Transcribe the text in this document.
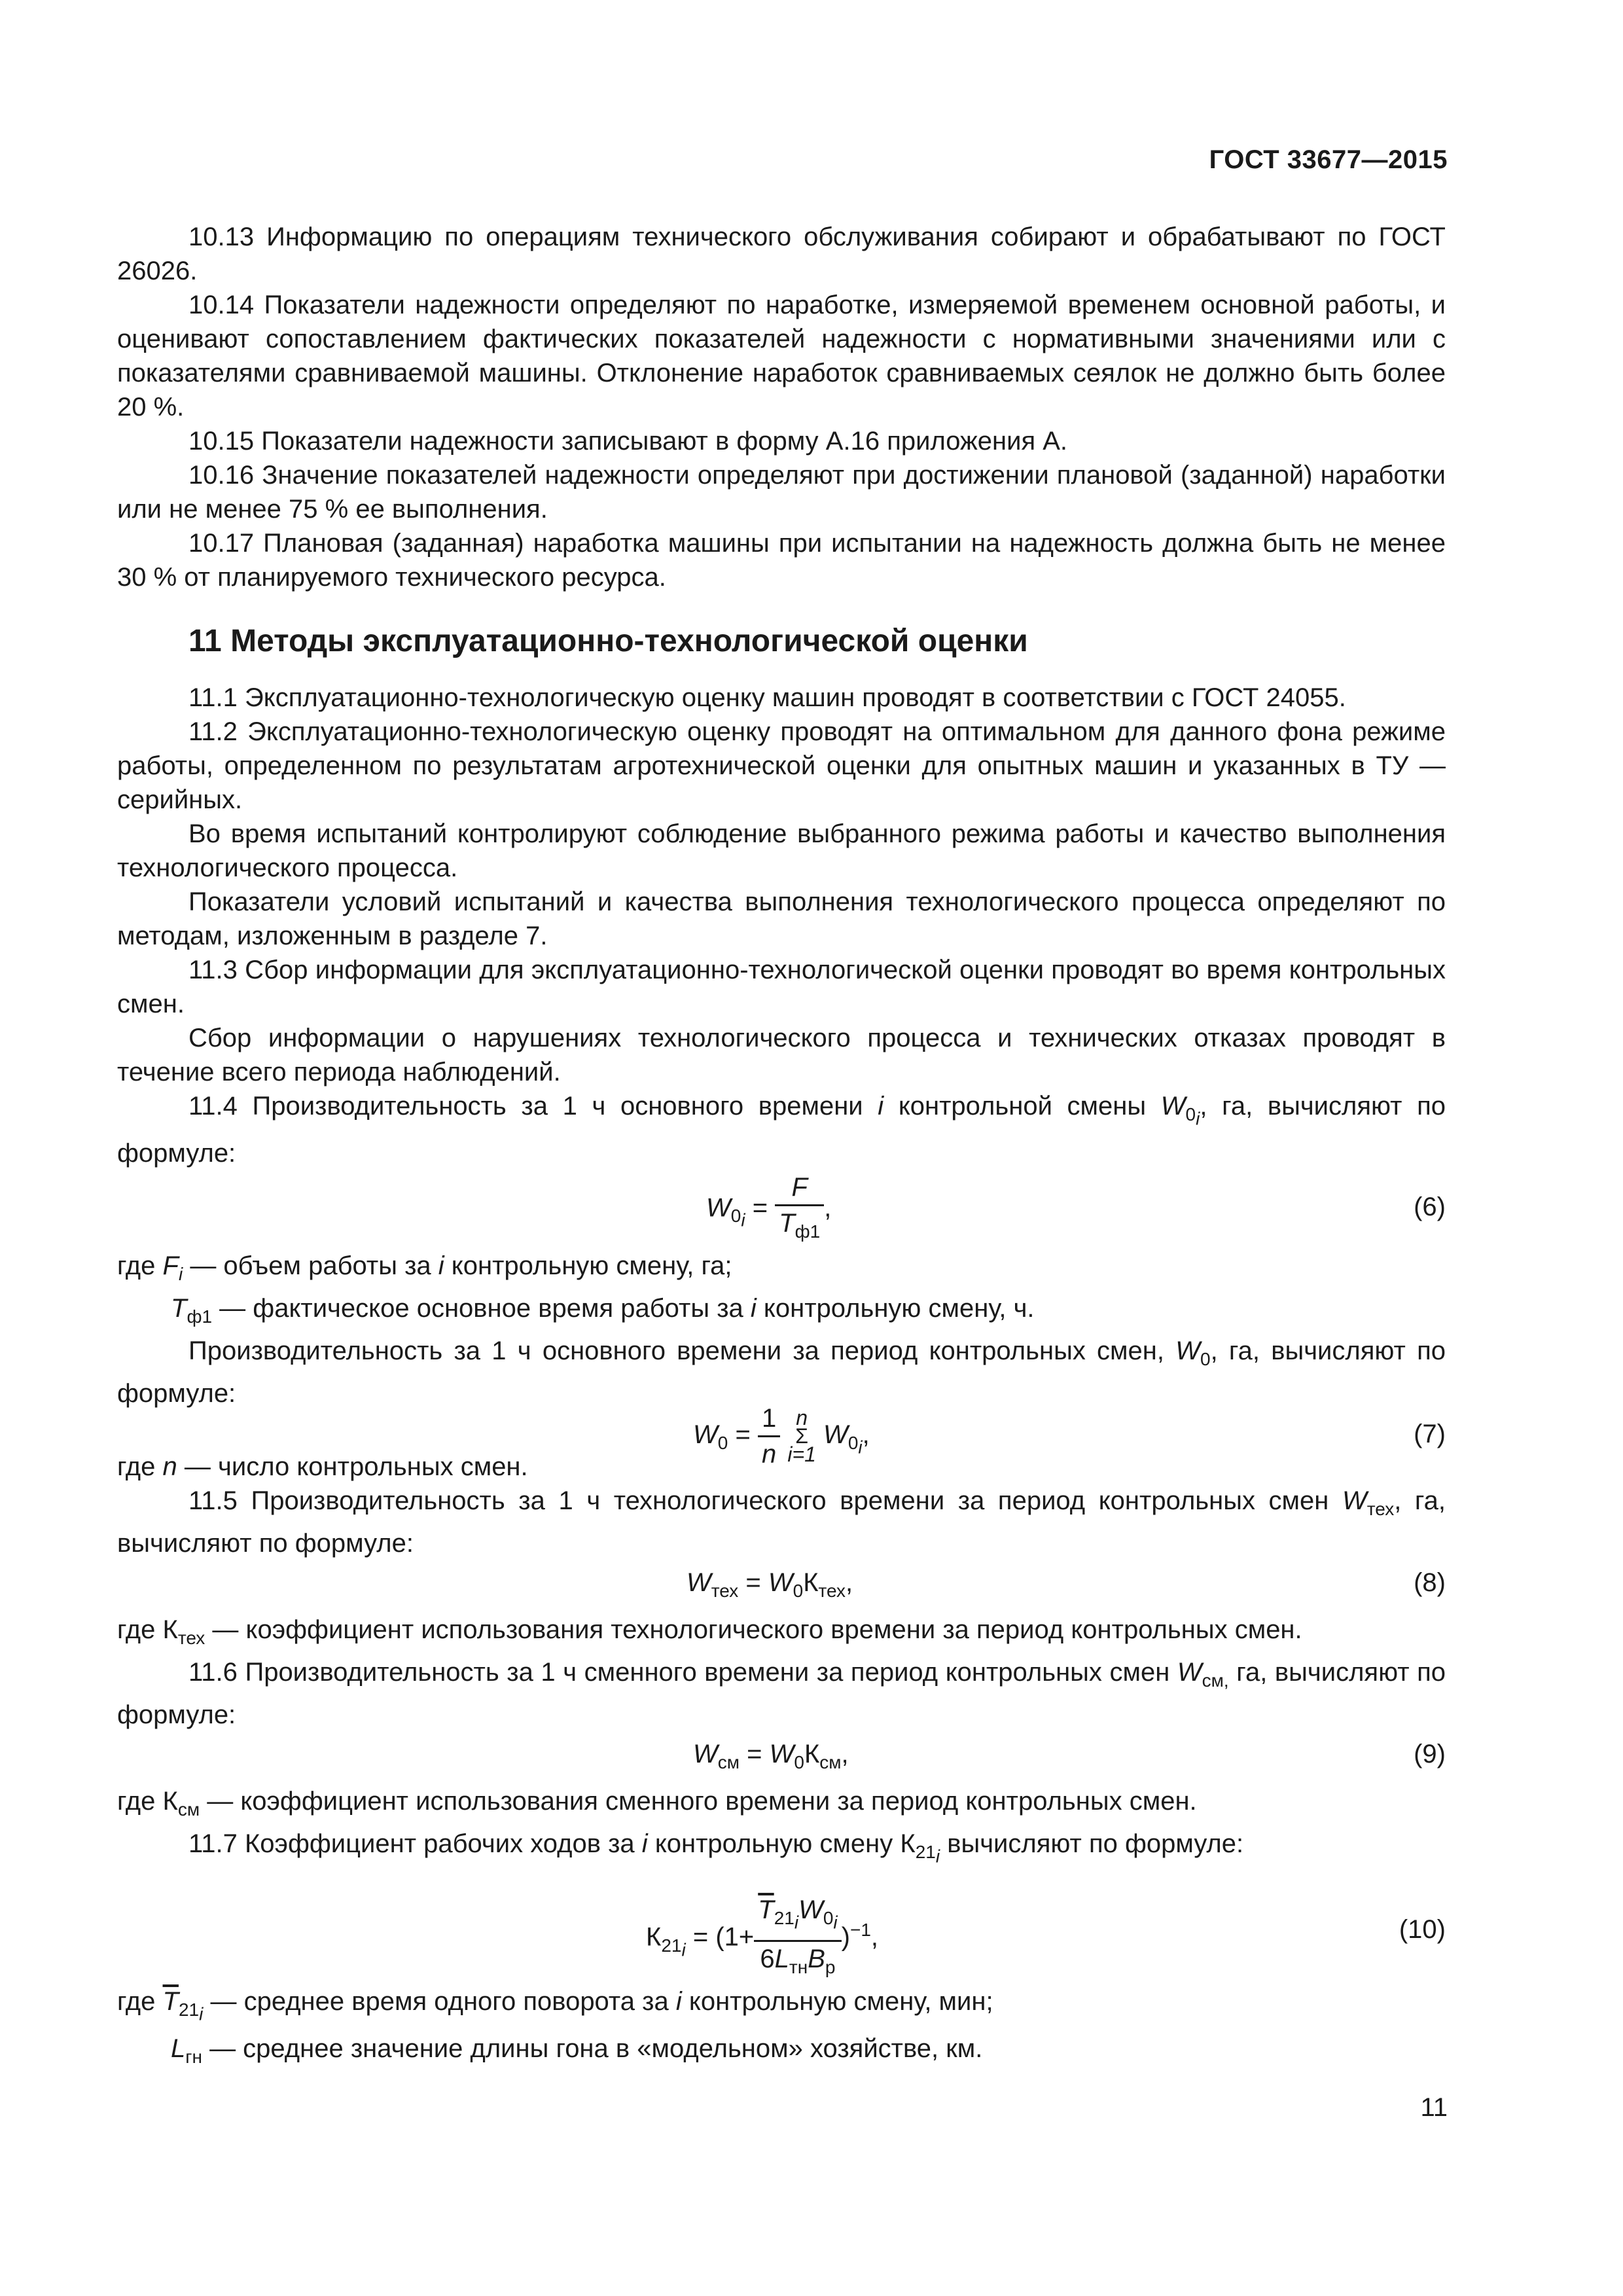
ГОСТ 33677—2015

10.13 Информацию по операциям технического обслуживания собирают и обрабатывают по ГОСТ 26026.

10.14 Показатели надежности определяют по наработке, измеряемой временем основной работы, и оценивают сопоставлением фактических показателей надежности с нормативными значениями или с показателями сравниваемой машины. Отклонение наработок сравниваемых сеялок не должно быть более 20 %.

10.15 Показатели надежности записывают в форму А.16 приложения А.

10.16 Значение показателей надежности определяют при достижении плановой (заданной) наработки или не менее 75 % ее выполнения.

10.17 Плановая (заданная) наработка машины при испытании на надежность должна быть не менее 30 % от планируемого технического ресурса.

11 Методы эксплуатационно-технологической оценки

11.1 Эксплуатационно-технологическую оценку машин проводят в соответствии с ГОСТ 24055.

11.2 Эксплуатационно-технологическую оценку проводят на оптимальном для данного фона режиме работы, определенном по результатам агротехнической оценки для опытных машин и указанных в ТУ — серийных.

Во время испытаний контролируют соблюдение выбранного режима работы и качество выполнения технологического процесса.

Показатели условий испытаний и качества выполнения технологического процесса определяют по методам, изложенным в разделе 7.

11.3 Сбор информации для эксплуатационно-технологической оценки проводят во время контрольных смен.

Сбор информации о нарушениях технологического процесса и технических отказах проводят в течение всего периода наблюдений.

11.4 Производительность за 1 ч основного времени i контрольной смены $W_{0_i}$, га, вычисляют по формуле:

$W_{0_i} = \frac{F}{T_{ф1}}$ ,	(6)

где $F_i$ — объем работы за i контрольную смену, га;

$T_{ф1}$ — фактическое основное время работы за i контрольную смену, ч.

Производительность за 1 ч основного времени за период контрольных смен, $W_0$, га, вычисляют по формуле:

$W_0 = \frac{1}{n}$
n
Σ
i=1
$W_{0_i}$,	(7)

где n — число контрольных смен.

11.5 Производительность за 1 ч технологического времени за период контрольных смен $W_{тех}$, га, вычисляют по формуле:

$W_{тех} = W_0К_{тех}$,	(8)

где $К_{тех}$ — коэффициент использования технологического времени за период контрольных смен.

11.6 Производительность за 1 ч сменного времени за период контрольных смен $W_{см,}$ га, вычисляют по формуле:

$W_{см} = W_0К_{см}$,	(9)

где $К_{см}$ — коэффициент использования сменного времени за период контрольных смен.

11.7 Коэффициент рабочих ходов за i контрольную смену $К_{21_i}$ вычисляют по формуле:

$К_{21_i} = (1+ \frac{\overline{T}_{21_i}W_{0_i}}{6L_{тн}B_р} )^{-1}$,	(10)

где $\overline{T}_{21_i}$ — среднее время одного поворота за i контрольную смену, мин;

$L_{гн}$ — среднее значение длины гона в «модельном» хозяйстве, км.

11
